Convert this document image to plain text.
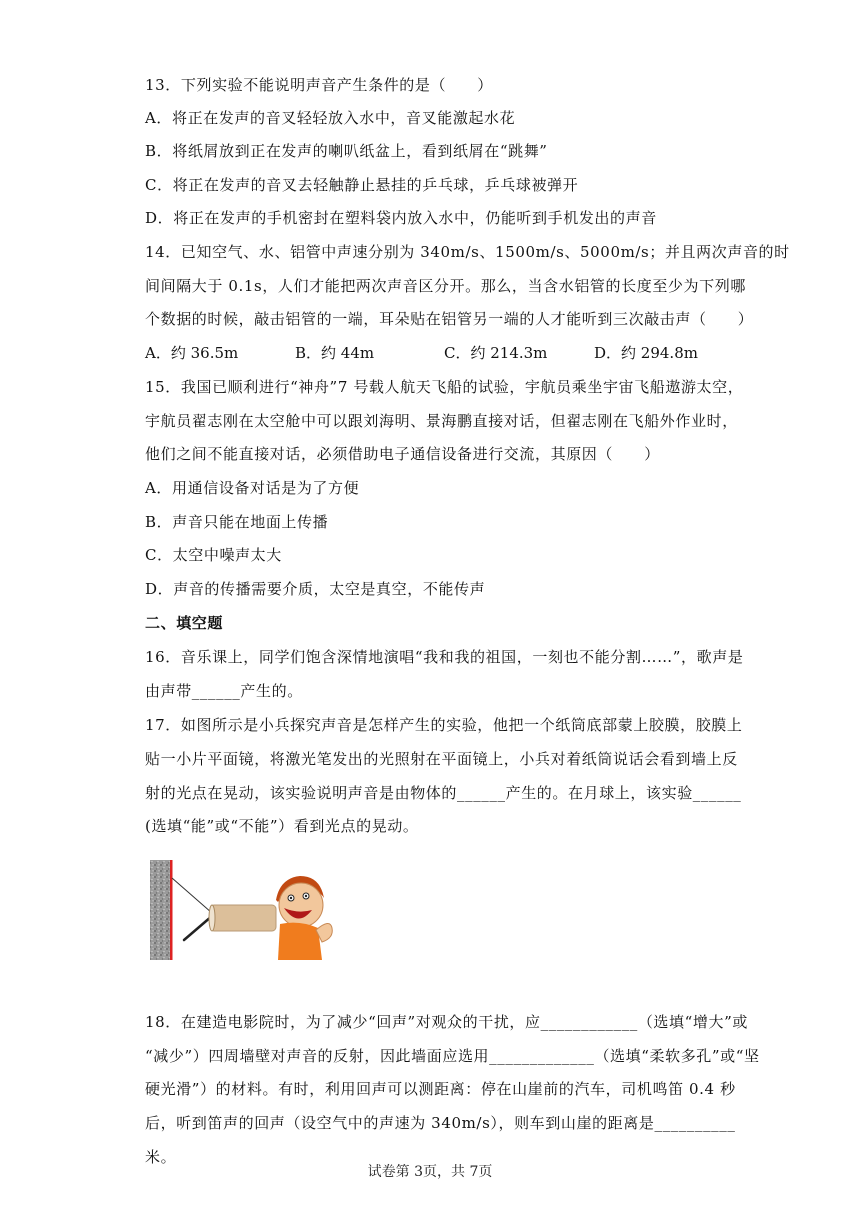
13．下列实验不能说明声音产生条件的是（　　）
A．将正在发声的音叉轻轻放入水中，音叉能激起水花
B．将纸屑放到正在发声的喇叭纸盆上，看到纸屑在“跳舞”
C．将正在发声的音叉去轻触静止悬挂的乒乓球，乒乓球被弹开
D．将正在发声的手机密封在塑料袋内放入水中，仍能听到手机发出的声音
14．已知空气、水、铝管中声速分别为 340m/s、1500m/s、5000m/s；并且两次声音的时
间间隔大于 0.1s，人们才能把两次声音区分开。那么，当含水铝管的长度至少为下列哪
个数据的时候，敲击铝管的一端，耳朵贴在铝管另一端的人才能听到三次敲击声（　　）
A．约 36.5m	B．约 44m	C．约 214.3m	D．约 294.8m
15．我国已顺利进行“神舟”7 号载人航天飞船的试验，宇航员乘坐宇宙飞船遨游太空，
宇航员翟志刚在太空舱中可以跟刘海明、景海鹏直接对话，但翟志刚在飞船外作业时，
他们之间不能直接对话，必须借助电子通信设备进行交流，其原因（　　）
A．用通信设备对话是为了方便
B．声音只能在地面上传播
C．太空中噪声太大
D．声音的传播需要介质，太空是真空，不能传声
二、填空题
16．音乐课上，同学们饱含深情地演唱“我和我的祖国，一刻也不能分割……”，歌声是
由声带______产生的。
17．如图所示是小兵探究声音是怎样产生的实验，他把一个纸筒底部蒙上胶膜，胶膜上
贴一小片平面镜，将激光笔发出的光照射在平面镜上，小兵对着纸筒说话会看到墙上反
射的光点在晃动，该实验说明声音是由物体的______产生的。在月球上，该实验______
(选填“能”或“不能”）看到光点的晃动。
18．在建造电影院时，为了减少“回声”对观众的干扰，应____________（选填“增大”或
“减少”）四周墙壁对声音的反射，因此墙面应选用_____________（选填“柔软多孔”或“坚
硬光滑”）的材料。有时，利用回声可以测距离：停在山崖前的汽车，司机鸣笛 0.4 秒
后，听到笛声的回声（设空气中的声速为 340m/s），则车到山崖的距离是__________
米。
试卷第 3页，共 7页
